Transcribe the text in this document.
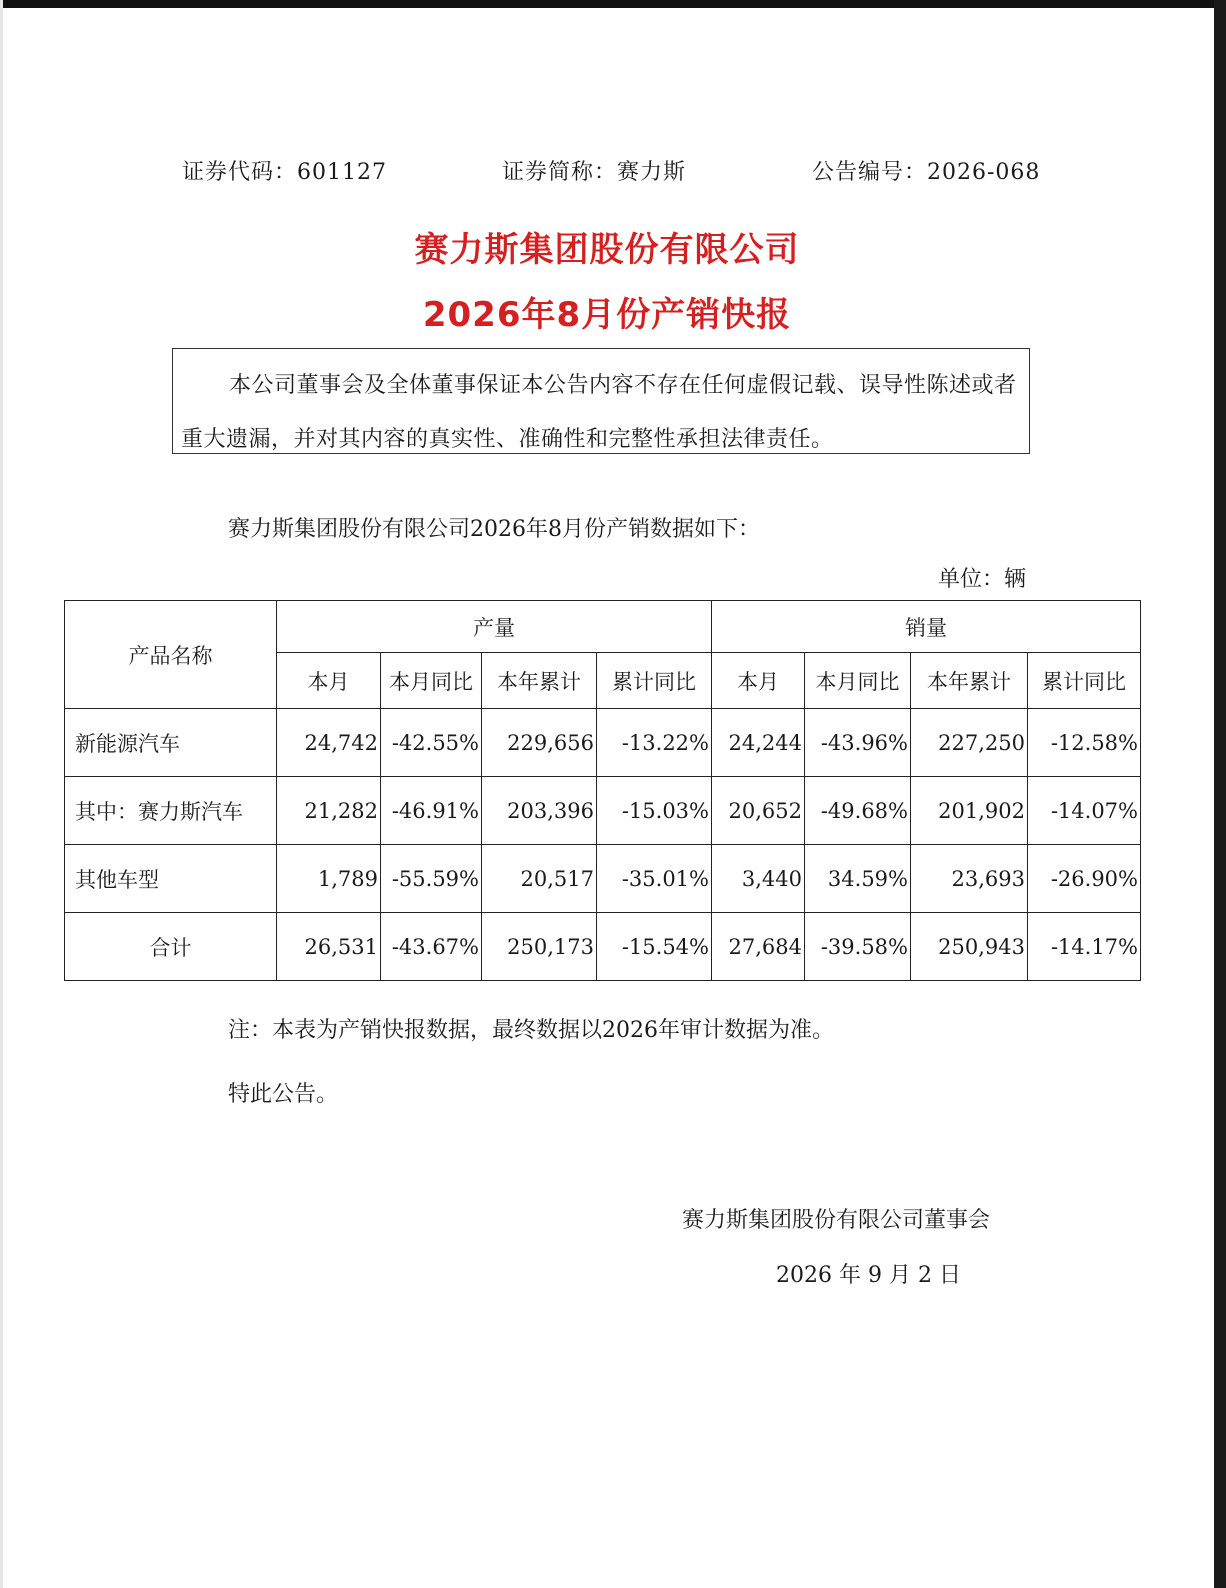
证券代码：601127	证券简称：赛力斯	公告编号：2026-068
赛力斯集团股份有限公司
2026年8月份产销快报
本公司董事会及全体董事保证本公告内容不存在任何虚假记载、误导性陈述或者重大遗漏，并对其内容的真实性、准确性和完整性承担法律责任。
赛力斯集团股份有限公司2026年8月份产销数据如下：
单位：辆
产品名称	产量				销量			
	本月	本月同比	本年累计	累计同比	本月	本月同比	本年累计	累计同比
新能源汽车	24,742	-42.55%	229,656	-13.22%	24,244	-43.96%	227,250	-12.58%
其中：赛力斯汽车	21,282	-46.91%	203,396	-15.03%	20,652	-49.68%	201,902	-14.07%
其他车型	1,789	-55.59%	20,517	-35.01%	3,440	34.59%	23,693	-26.90%
合计	26,531	-43.67%	250,173	-15.54%	27,684	-39.58%	250,943	-14.17%
注：本表为产销快报数据，最终数据以2026年审计数据为准。
特此公告。
赛力斯集团股份有限公司董事会
2026 年 9 月 2 日
